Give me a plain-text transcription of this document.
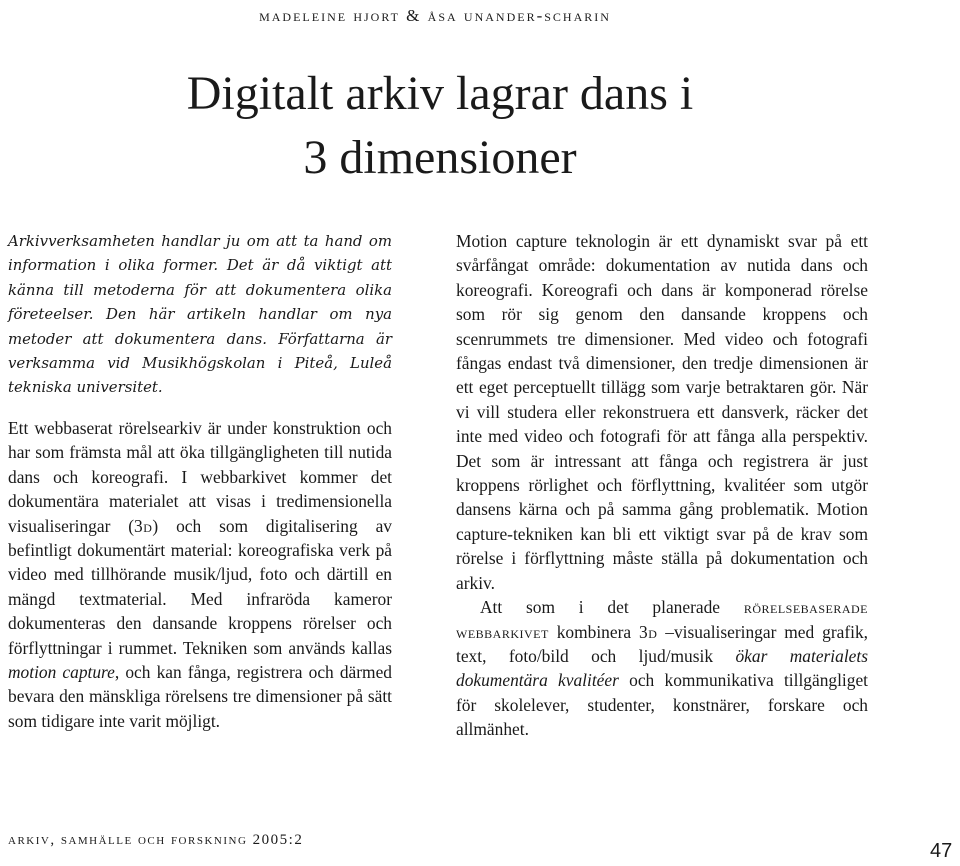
madeleine hjort & åsa unander-scharin
Digitalt arkiv lagrar dans i
3 dimensioner
Arkivverksamheten handlar ju om att ta hand om information i olika former. Det är då viktigt att känna till metoderna för att dokumentera olika företeelser. Den här artikeln handlar om nya metoder att dokumentera dans. Författarna är verksamma vid Musikhögskolan i Piteå, Luleå tekniska universitet.

Ett webbaserat rörelsearkiv är under konstruktion och har som främsta mål att öka tillgängligheten till nutida dans och koreografi. I webbarkivet kommer det dokumentära materialet att visas i tredimensionella visualiseringar (3d) och som digitalisering av befintligt dokumentärt material: koreografiska verk på video med tillhörande musik/ljud, foto och därtill en mängd textmaterial. Med infraröda kameror dokumenteras den dansande kroppens rörelser och förflyttningar i rummet. Tekniken som används kallas motion capture, och kan fånga, registrera och därmed bevara den mänskliga rörelsens tre dimensioner på sätt som tidigare inte varit möjligt.

Motion capture teknologin är ett dynamiskt svar på ett svårfångat område: dokumentation av nutida dans och koreografi. Koreografi och dans är komponerad rörelse som rör sig genom den dansande kroppens och scenrummets tre dimensioner. Med video och fotografi fångas endast två dimensioner, den tredje dimensionen är ett eget perceptuellt tillägg som varje betraktaren gör. När vi vill studera eller rekonstruera ett dansverk, räcker det inte med video och fotografi för att fånga alla perspektiv. Det som är intressant att fånga och registrera är just kroppens rörlighet och förflyttning, kvalitéer som utgör dansens kärna och på samma gång problematik. Motion capture-tekniken kan bli ett viktigt svar på de krav som rörelse i förflyttning måste ställa på dokumentation och arkiv.

Att som i det planerade rörelsebaserade webbarkivet kombinera 3d –visualiseringar med grafik, text, foto/bild och ljud/musik ökar materialets dokumentära kvalitéer och kommunikativa tillgängliget för skolelever, studenter, konstnärer, forskare och allmänhet.

arkiv, samhälle och forskning 2005:2	47
